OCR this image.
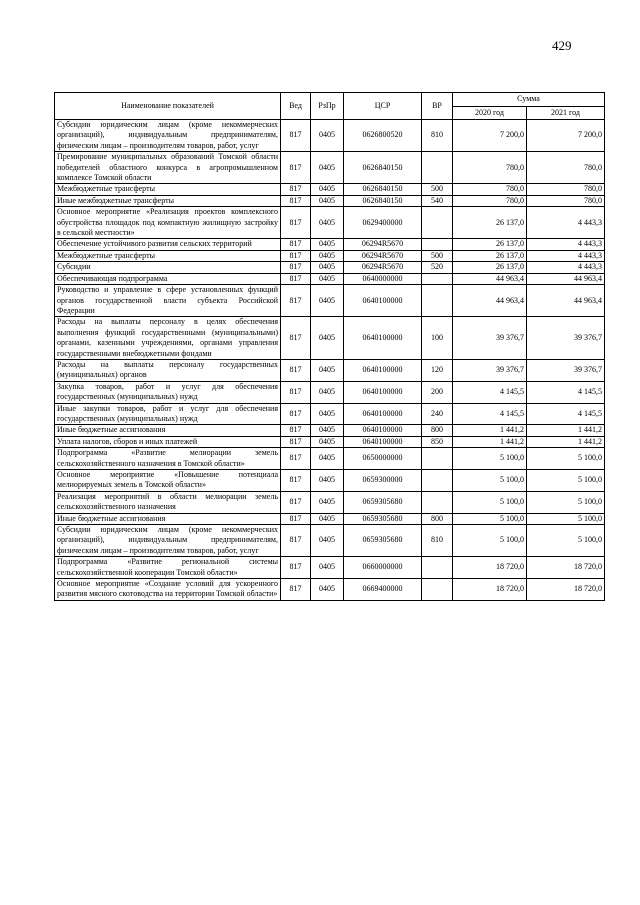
429
Наименование показателей	Вед	РзПр	ЦСР	ВР	Сумма	
					2020 год	2021 год
Субсидии юридическим лицам (кроме некоммерческих организаций), индивидуальным предпринимателям, физическим лицам – производителям товаров, работ, услуг	817	0405	0626800520	810	7 200,0	7 200,0
Премирование муниципальных образований Томской области победителей областного конкурса в агропромышленном комплексе Томской области	817	0405	0626840150		780,0	780,0
Межбюджетные трансферты	817	0405	0626840150	500	780,0	780,0
Иные межбюджетные трансферты	817	0405	0626840150	540	780,0	780,0
Основное мероприятие «Реализация проектов комплексного обустройства площадок под компактную жилищную застройку в сельской местности»	817	0405	0629400000		26 137,0	4 443,3
Обеспечение устойчивого развития сельских территорий	817	0405	06294R5670		26 137,0	4 443,3
Межбюджетные трансферты	817	0405	06294R5670	500	26 137,0	4 443,3
Субсидии	817	0405	06294R5670	520	26 137,0	4 443,3
Обеспечивающая подпрограмма	817	0405	0640000000		44 963,4	44 963,4
Руководство и управление в сфере установленных функций органов государственной власти субъекта Российской Федерации	817	0405	0640100000		44 963,4	44 963,4
Расходы на выплаты персоналу в целях обеспечения выполнения функций государственными (муниципальными) органами, казенными учреждениями, органами управления государственными внебюджетными фондами	817	0405	0640100000	100	39 376,7	39 376,7
Расходы на выплаты персоналу государственных (муниципальных) органов	817	0405	0640100000	120	39 376,7	39 376,7
Закупка товаров, работ и услуг для обеспечения государственных (муниципальных) нужд	817	0405	0640100000	200	4 145,5	4 145,5
Иные закупки товаров, работ и услуг для обеспечения государственных (муниципальных) нужд	817	0405	0640100000	240	4 145,5	4 145,5
Иные бюджетные ассигнования	817	0405	0640100000	800	1 441,2	1 441,2
Уплата налогов, сборов и иных платежей	817	0405	0640100000	850	1 441,2	1 441,2
Подпрограмма «Развитие мелиорации земель сельскохозяйственного назначения в Томской области»	817	0405	0650000000		5 100,0	5 100,0
Основное мероприятие «Повышение потенциала мелиорируемых земель в Томской области»	817	0405	0659300000		5 100,0	5 100,0
Реализация мероприятий в области мелиорации земель сельскохозяйственного назначения	817	0405	0659305680		5 100,0	5 100,0
Иные бюджетные ассигнования	817	0405	0659305680	800	5 100,0	5 100,0
Субсидии юридическим лицам (кроме некоммерческих организаций), индивидуальным предпринимателям, физическим лицам – производителям товаров, работ, услуг	817	0405	0659305680	810	5 100,0	5 100,0
Подпрограмма «Развитие региональной системы сельскохозяйственной кооперации Томской области»	817	0405	0660000000		18 720,0	18 720,0
Основное мероприятие «Создание условий для ускоренного развития мясного скотоводства на территории Томской области»	817	0405	0669400000		18 720,0	18 720,0
